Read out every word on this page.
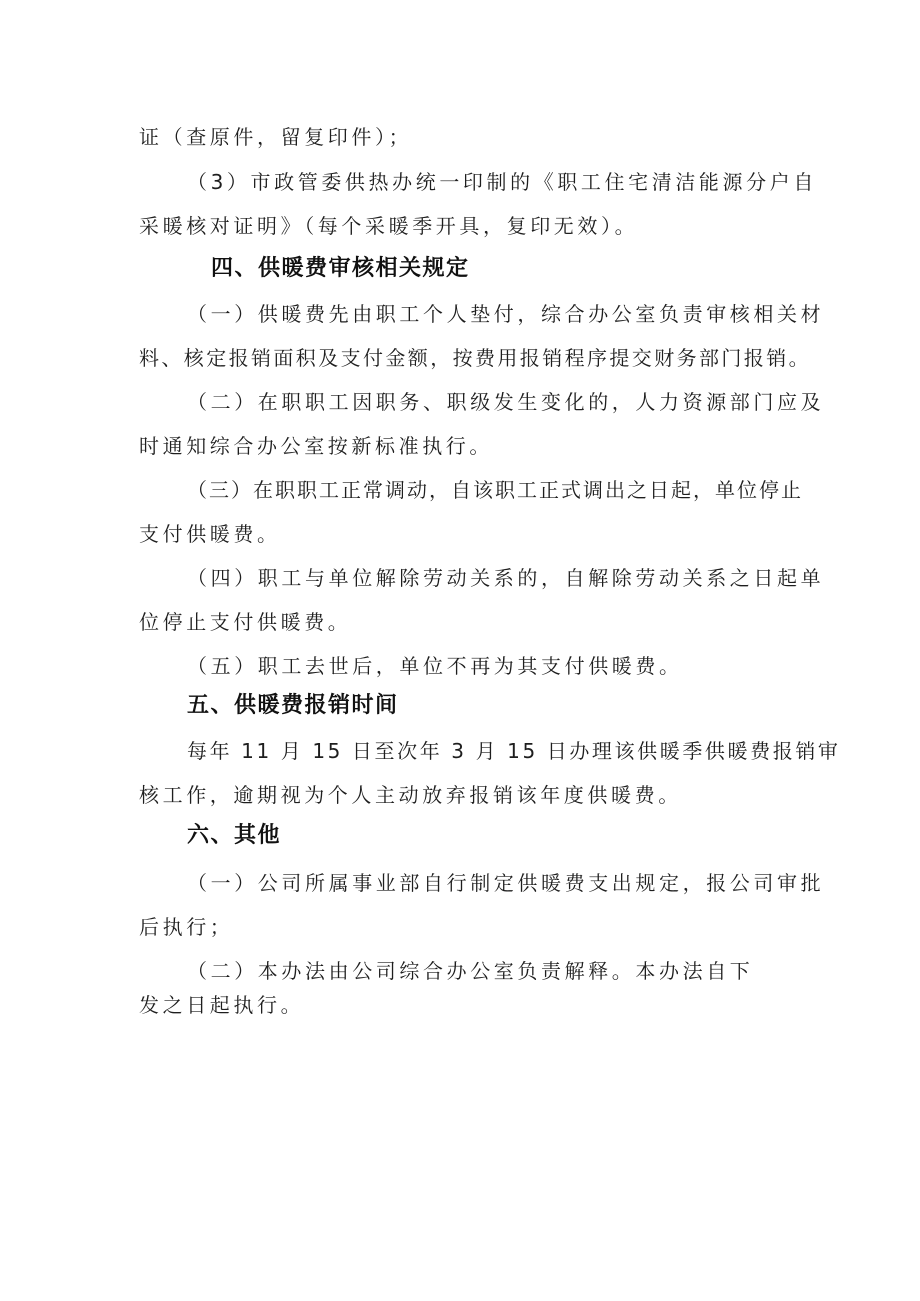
证（查原件，留复印件）；
（3）市政管委供热办统一印制的《职工住宅清洁能源分户自
采暖核对证明》（每个采暖季开具，复印无效）。
四、供暖费审核相关规定
（一）供暖费先由职工个人垫付，综合办公室负责审核相关材
料、核定报销面积及支付金额，按费用报销程序提交财务部门报销。
（二）在职职工因职务、职级发生变化的，人力资源部门应及
时通知综合办公室按新标准执行。
（三）在职职工正常调动，自该职工正式调出之日起，单位停止
支付供暖费。
（四）职工与单位解除劳动关系的，自解除劳动关系之日起单
位停止支付供暖费。
（五）职工去世后，单位不再为其支付供暖费。
五、供暖费报销时间
每年 11 月 15 日至次年 3 月 15 日办理该供暖季供暖费报销审
核工作，逾期视为个人主动放弃报销该年度供暖费。
六、其他
（一）公司所属事业部自行制定供暖费支出规定，报公司审批
后执行；
（二）本办法由公司综合办公室负责解释。本办法自下
发之日起执行。
